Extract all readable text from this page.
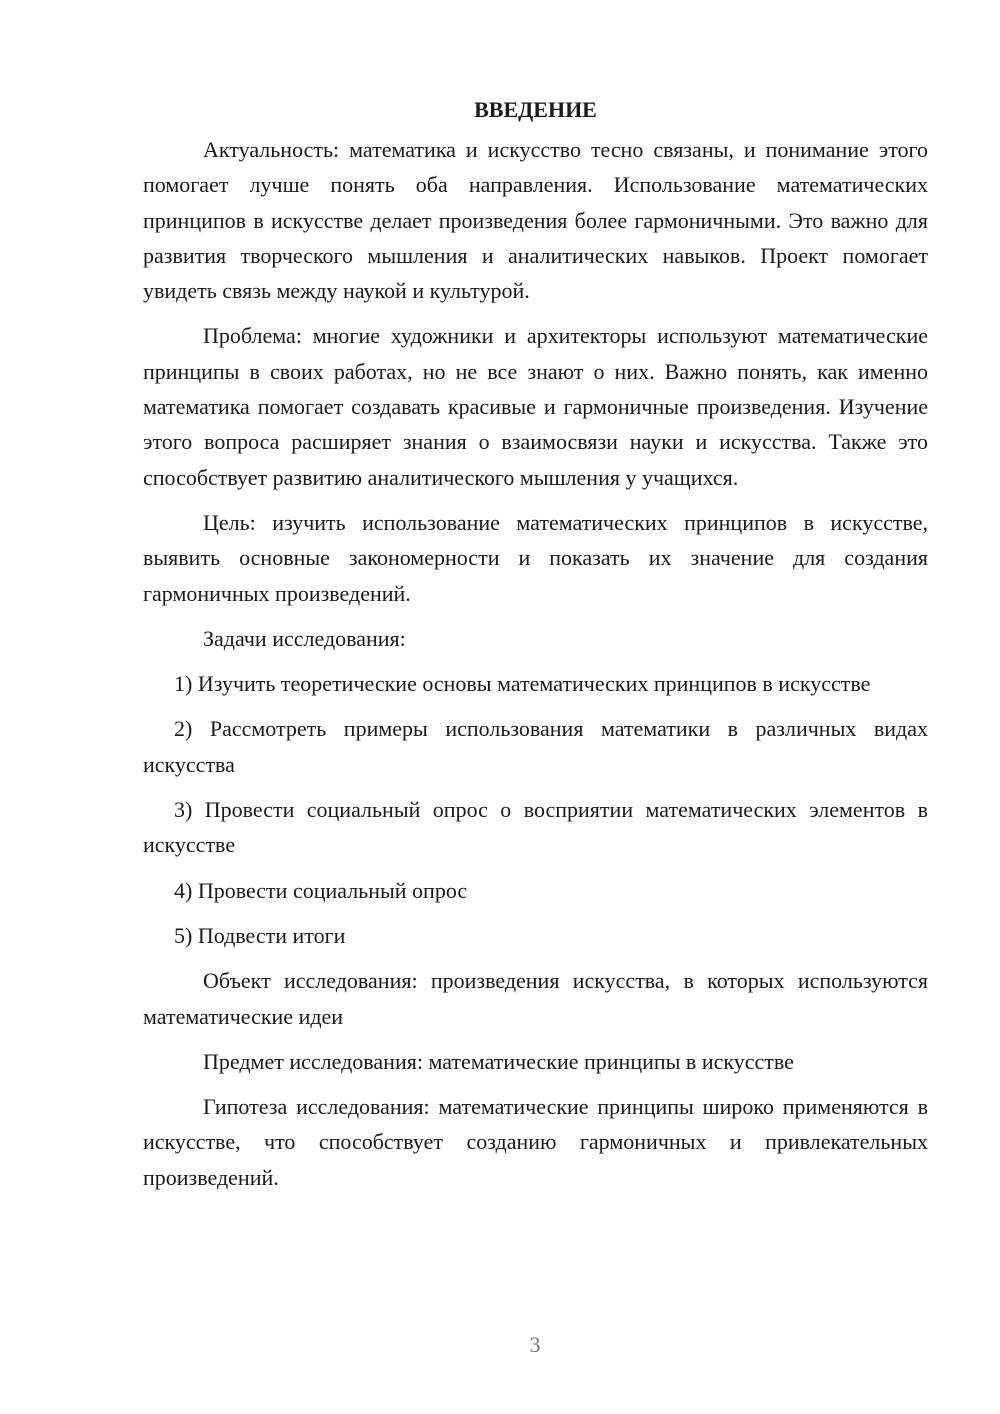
ВВЕДЕНИЕ

Актуальность: математика и искусство тесно связаны, и понимание этого помогает лучше понять оба направления. Использование математических принципов в искусстве делает произведения более гармоничными. Это важно для развития творческого мышления и аналитических навыков. Проект помогает увидеть связь между наукой и культурой.

Проблема: многие художники и архитекторы используют математические принципы в своих работах, но не все знают о них. Важно понять, как именно математика помогает создавать красивые и гармоничные произведения. Изучение этого вопроса расширяет знания о взаимосвязи науки и искусства. Также это способствует развитию аналитического мышления у учащихся.

Цель: изучить использование математических принципов в искусстве, выявить основные закономерности и показать их значение для создания гармоничных произведений.

Задачи исследования:

1) Изучить теоретические основы математических принципов в искусстве

2) Рассмотреть примеры использования математики в различных видах искусства

3) Провести социальный опрос о восприятии математических элементов в искусстве

4) Провести социальный опрос

5) Подвести итоги

Объект исследования: произведения искусства, в которых используются математические идеи

Предмет исследования: математические принципы в искусстве

Гипотеза исследования: математические принципы широко применяются в искусстве, что способствует созданию гармоничных и привлекательных произведений.

3
